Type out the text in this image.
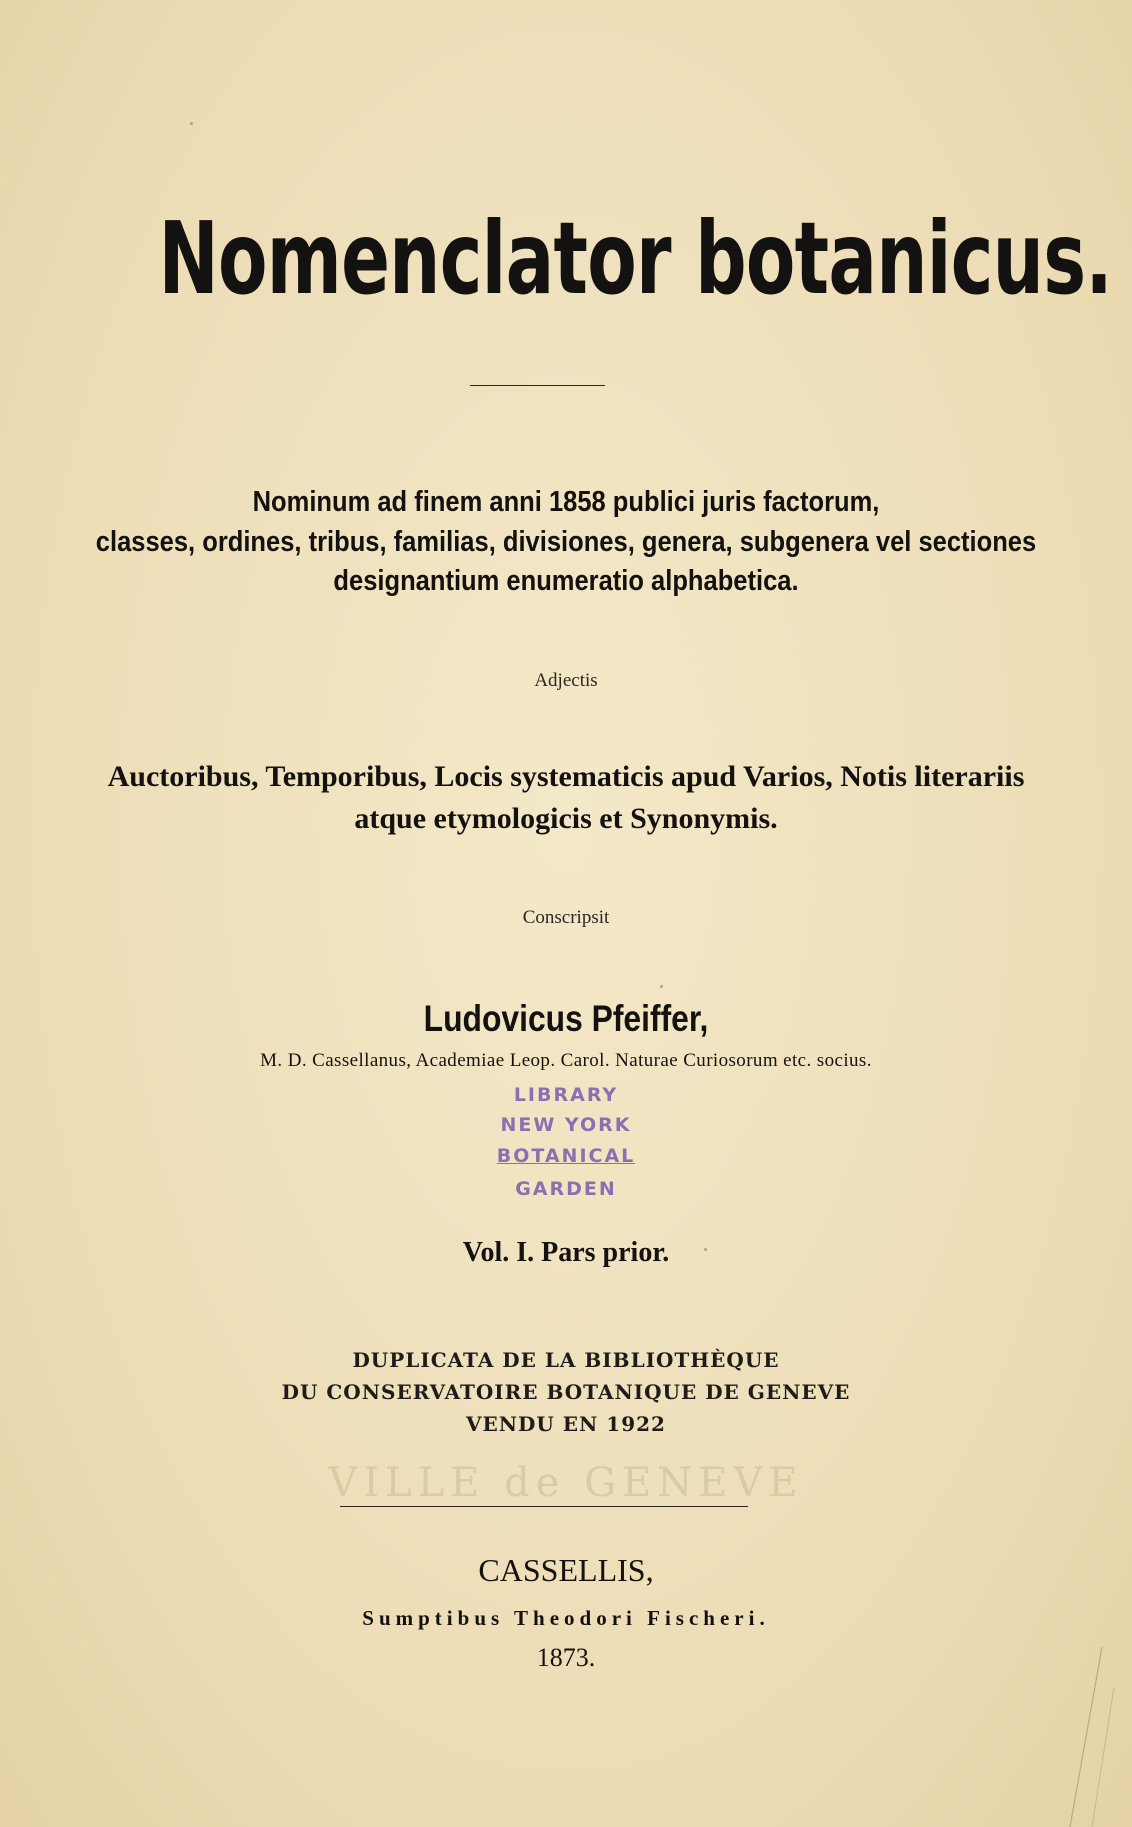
Nomenclator botanicus.
Nominum ad finem anni 1858 publici juris factorum,
classes, ordines, tribus, familias, divisiones, genera, subgenera vel sectiones
designantium enumeratio alphabetica.
Adjectis
Auctoribus, Temporibus, Locis systematicis apud Varios, Notis literariis
atque etymologicis et Synonymis.
Conscripsit
Ludovicus Pfeiffer,
M. D. Cassellanus, Academiae Leop. Carol. Naturae Curiosorum etc. socius.
LIBRARY
NEW YORK
BOTANICAL
GARDEN
Vol. I. Pars prior.
DUPLICATA DE LA BIBLIOTHÈQUE
DU CONSERVATOIRE BOTANIQUE DE GENEVE
VENDU EN 1922
VILLE de GENEVE
CASSELLIS,
Sumptibus Theodori Fischeri.
1873.
